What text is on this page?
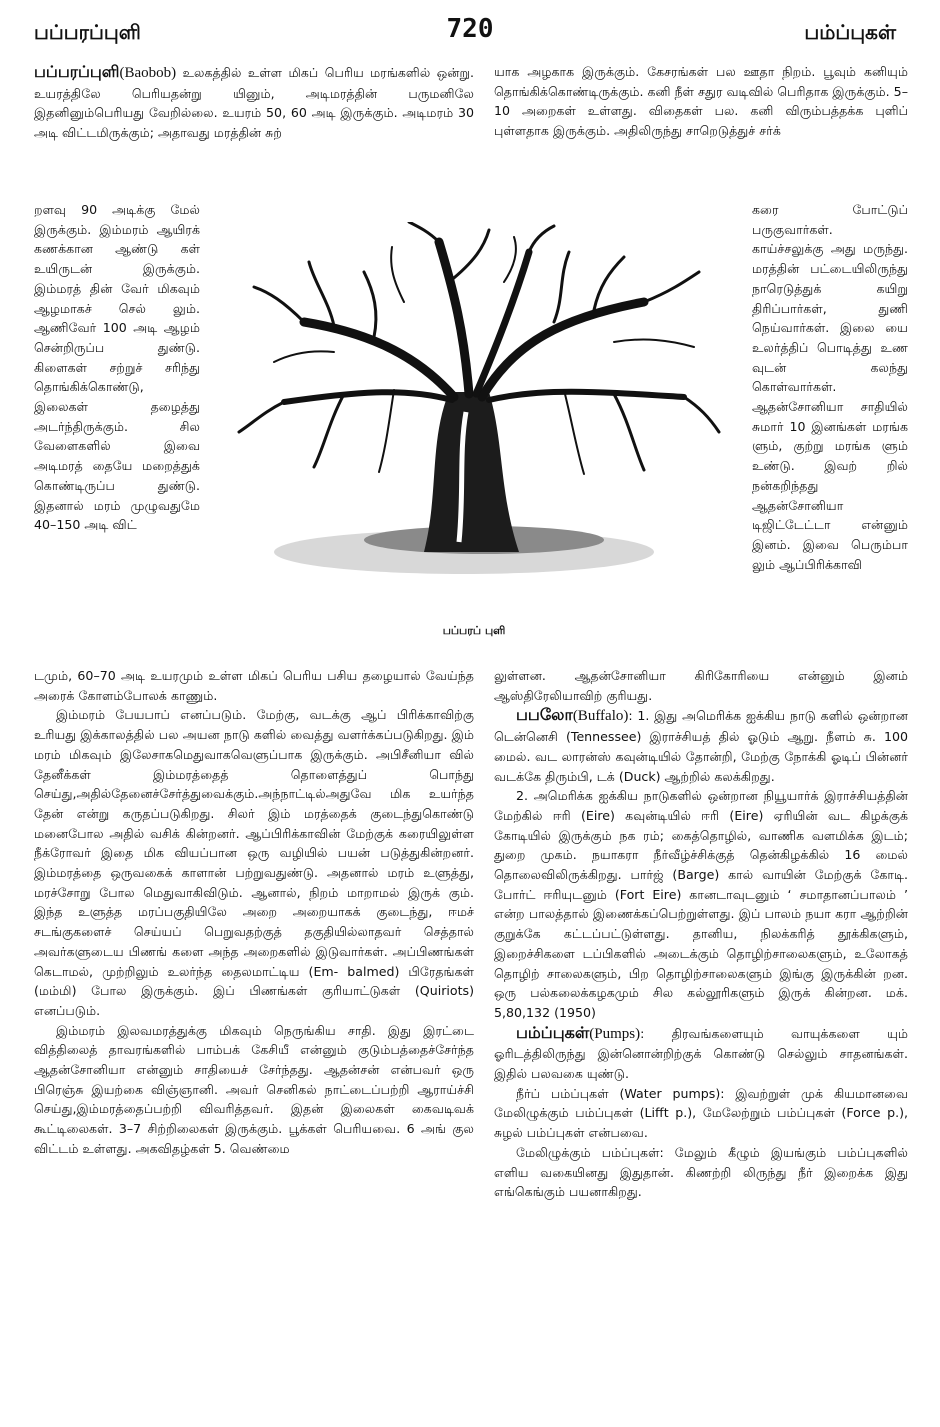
பப்பரப்புளி	720	பம்ப்புகள்

பப்பரப்புளி(Baobob) உலகத்தில் உள்ள மிகப் பெரிய மரங்களில் ஒன்று. உயரத்திலே பெரியதன்று யினும், அடிமரத்தின் பருமனிலே இதனினும்பெரியது வேறில்லை. உயரம் 50, 60 அடி இருக்கும். அடிமரம் 30 அடி விட்டமிருக்கும்; அதாவது மரத்தின் சுற்

றளவு 90 அடிக்கு மேல் இருக்கும். இம்மரம் ஆயிரக் கணக்கான ஆண்டு கள் உயிருடன் இருக்கும். இம்மரத் தின் வேர் மிகவும் ஆழமாகச் செல் லும். ஆணிவேர் 100 அடி ஆழம் சென்றிருப்ப துண்டு. கிளைகள் சற்றுச் சரிந்து தொங்கிக்கொண்டு, இலைகள் தழைத்து அடர்ந்திருக்கும். சில வேளைகளில் இவை அடிமரத் தையே மறைத்துக் கொண்டிருப்ப துண்டு. இதனால் மரம் முழுவதுமே 40–150 அடி விட்

பப்பரப் புளி

டமும், 60–70 அடி உயரமும் உள்ள மிகப் பெரிய பசிய தழையால் வேய்ந்த அரைக் கோளம்போலக் காணும்.

இம்மரம் பேயபாப் எனப்படும். மேற்கு, வடக்கு ஆப் பிரிக்காவிற்கு உரியது இக்காலத்தில் பல அயன நாடு களில் வைத்து வளர்க்கப்படுகிறது. இம் மரம் மிகவும் இலேசாகமெதுவாகவெளுப்பாக இருக்கும். அபிசீனியா வில் தேனீக்கள் இம்மரத்தைத் தொளைத்துப் பொந்து செய்து,அதில்தேனைச்சேர்த்துவைக்கும்.அந்நாட்டில்அதுவே மிக உயர்ந்த தேன் என்று கருதப்படுகிறது. சிலர் இம் மரத்தைக் குடைந்துகொண்டு மனைபோல அதில் வசிக் கின்றனர். ஆப்பிரிக்காவின் மேற்குக் கரையிலுள்ள நீக்ரோவர் இதை மிக வியப்பான ஒரு வழியில் பயன் படுத்துகின்றனர். இம்மரத்தை ஒருவகைக் காளான் பற்றுவதுண்டு. அதனால் மரம் உளுத்து, மரச்சோறு போல மெதுவாகிவிடும். ஆனால், நிறம் மாறாமல் இருக் கும். இந்த உளுத்த மரப்பகுதியிலே அறை அறையாகக் குடைந்து, ஈமச் சடங்குகளைச் செய்யப் பெறுவதற்குத் தகுதியில்லாதவர் செத்தால் அவர்களுடைய பிணங் களை அந்த அறைகளில் இடுவார்கள். அப்பிணங்கள் கெடாமல், முற்றிலும் உலர்ந்த தைலமாட்டிய (Em- balmed) பிரேதங்கள் (மம்மி) போல இருக்கும். இப் பிணங்கள் குரியாட்டுகள் (Quiriots) எனப்படும்.

இம்மரம் இலவமரத்துக்கு மிகவும் நெருங்கிய சாதி. இது இரட்டை வித்திலைத் தாவரங்களில் பாம்பக் கேசியீ என்னும் குடும்பத்தைச்சேர்ந்த ஆதன்சோனியா என்னும் சாதியைச் சேர்ந்தது. ஆதன்சன் என்பவர் ஒரு பிரெஞ்சு இயற்கை விஞ்ஞானி. அவர் செனிகல் நாட்டைப்பற்றி ஆராய்ச்சி செய்து,இம்மரத்தைப்பற்றி விவரித்தவர். இதன் இலைகள் கைவடிவக் கூட்டிலைகள். 3–7 சிற்றிலைகள் இருக்கும். பூக்கள் பெரியவை. 6 அங் குல விட்டம் உள்ளது. அகவிதழ்கள் 5. வெண்மை

யாக அழகாக இருக்கும். கேசரங்கள் பல ஊதா நிறம். பூவும் கனியும் தொங்கிக்கொண்டிருக்கும். கனி நீள் சதுர வடிவில் பெரிதாக இருக்கும். 5–10 அறைகள் உள்ளது. விதைகள் பல. கனி விரும்பத்தக்க புளிப் புள்ளதாக இருக்கும். அதிலிருந்து சாறெடுத்துச் சர்க்

கரை போட்டுப் பருகுவார்கள். காய்ச்சலுக்கு அது மருந்து. மரத்தின் பட்டையிலிருந்து நாரெடுத்துக் கயிறு திரிப்பார்கள், துணி நெய்வார்கள். இலை யை உலர்த்திப் பொடித்து உண வுடன் கலந்து கொள்வார்கள். ஆதன்சோனியா சாதியில் சுமார் 10 இனங்கள் மரங்க ளும், குற்று மரங்க ளும் உண்டு. இவற் றில் நன்கறிந்தது ஆதன்சோனியா டிஜிட்டேட்டா என்னும் இனம். இவை பெரும்பா லும் ஆப்பிரிக்காவி

லுள்ளன. ஆதன்சோனியா கிரிகோரியை என்னும் இனம் ஆஸ்திரேலியாவிற் குரியது.

பபலோ(Buffalo): 1. இது அமெரிக்க ஐக்கிய நாடு களில் ஒன்றான டென்னெசி (Tennessee) இராச்சியத் தில் ஓடும் ஆறு. நீளம் சு. 100 மைல். வட லாரன்ஸ் கவுன்டியில் தோன்றி, மேற்கு நோக்கி ஓடிப் பின்னர் வடக்கே திரும்பி, டக் (Duck) ஆற்றில் கலக்கிறது.

2. அமெரிக்க ஐக்கிய நாடுகளில் ஒன்றான நியூயார்க் இராச்சியத்தின் மேற்கில் ஈரி (Eire) கவுன்டியில் ஈரி (Eire) ஏரியின் வட கிழக்குக் கோடியில் இருக்கும் நக ரம்; கைத்தொழில், வாணிக வளமிக்க இடம்; துறை முகம். நயாகரா நீர்வீழ்ச்சிக்குத் தென்கிழக்கில் 16 மைல் தொலைவிலிருக்கிறது. பார்ஜ் (Barge) கால் வாயின் மேற்குக் கோடி. போர்ட் ஈரியுடனும் (Fort Eire) கானடாவுடனும் ‘ சமாதானப்பாலம் ’ என்ற பாலத்தால் இணைக்கப்பெற்றுள்ளது. இப் பாலம் நயா கரா ஆற்றின் குறுக்கே கட்டப்பட்டுள்ளது. தானிய, நிலக்கரித் தூக்கிகளும், இறைச்சிகளை டப்பிகளில் அடைக்கும் தொழிற்சாலைகளும், உலோகத் தொழிற் சாலைகளும், பிற தொழிற்சாலைகளும் இங்கு இருக்கின் றன. ஒரு பல்கலைக்கழகமும் சில கல்லூரிகளும் இருக் கின்றன. மக். 5,80,132 (1950)

பம்ப்புகள்(Pumps): திரவங்களையும் வாயுக்களை யும் ஓரிடத்திலிருந்து இன்னொன்றிற்குக் கொண்டு செல்லும் சாதனங்கள். இதில் பலவகை யுண்டு.

நீர்ப் பம்ப்புகள் (Water pumps): இவற்றுள் முக் கியமானவை மேலிழுக்கும் பம்ப்புகள் (Lifft p.), மேலேற்றும் பம்ப்புகள் (Force p.), சுழல் பம்ப்புகள் என்பவை.

மேலிழுக்கும் பம்ப்புகள்: மேலும் கீழும் இயங்கும் பம்ப்புகளில் எளிய வகையினது இதுதான். கிணற்றி லிருந்து நீர் இறைக்க இது எங்கெங்கும் பயனாகிறது.
